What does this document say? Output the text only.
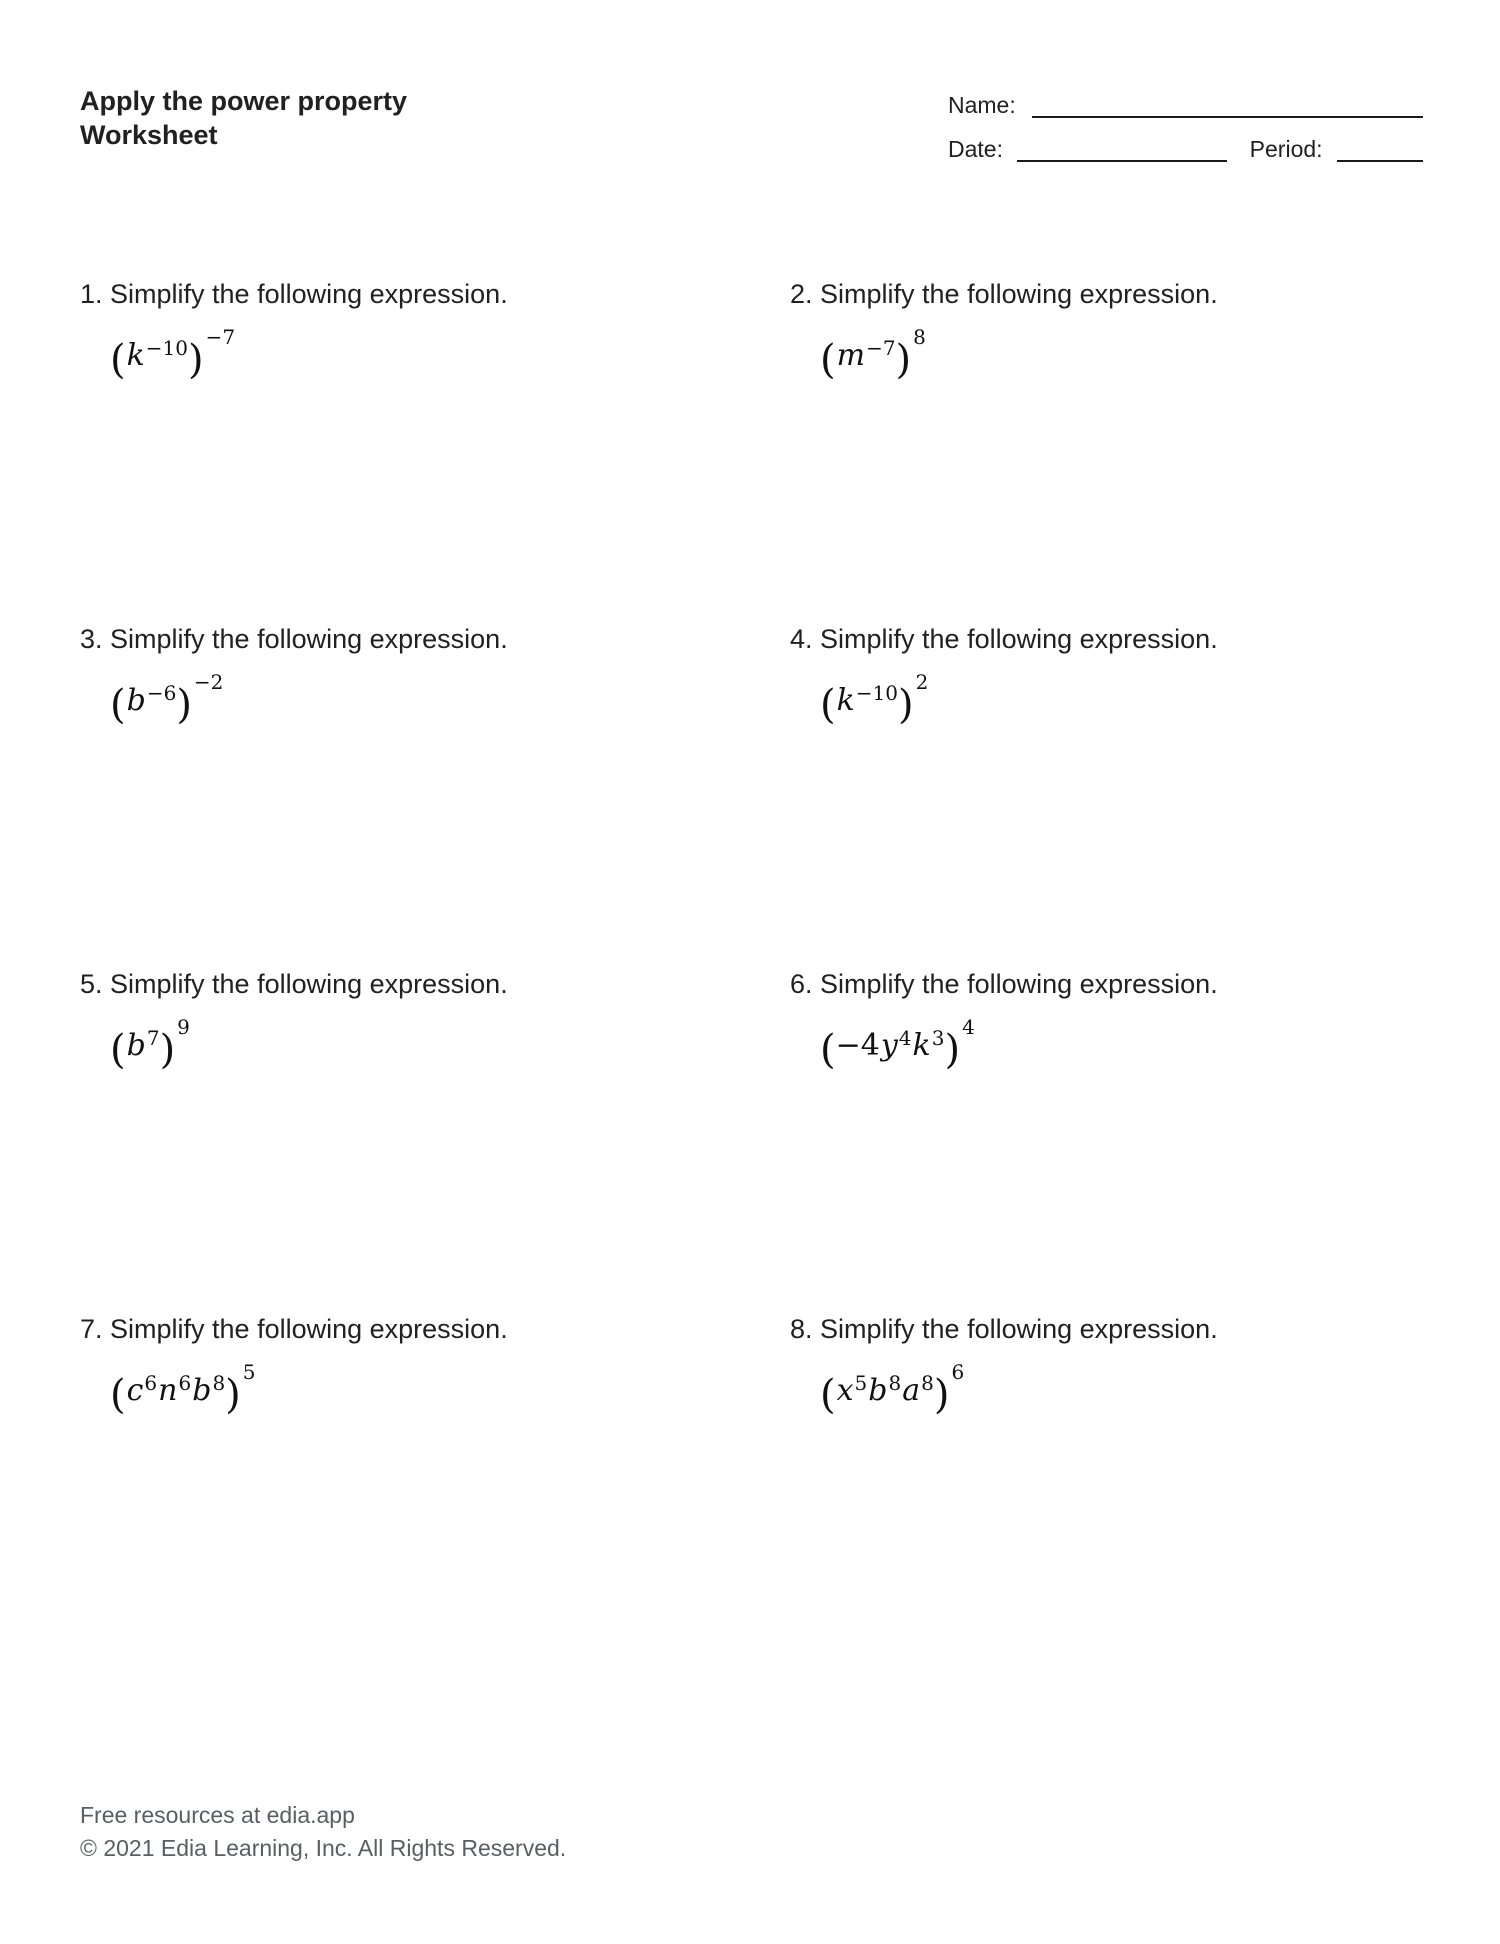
Apply the power property
Worksheet
Name:
Date:	Period:
1. Simplify the following expression.
$(k^{-10})$ $^{-7}$
2. Simplify the following expression.
$(m^{-7})$ $^8$
3. Simplify the following expression.
$(b^{-6})$ $^{-2}$
4. Simplify the following expression.
$(k^{-10})$ $^2$
5. Simplify the following expression.
$(b^7)$ $^9$
6. Simplify the following expression.
$(-4y^4k^3)$ $^4$
7. Simplify the following expression.
$(c^6n^6b^8)$ $^5$
8. Simplify the following expression.
$(x^5b^8a^8)$ $^6$
Free resources at edia.app
© 2021 Edia Learning, Inc. All Rights Reserved.
